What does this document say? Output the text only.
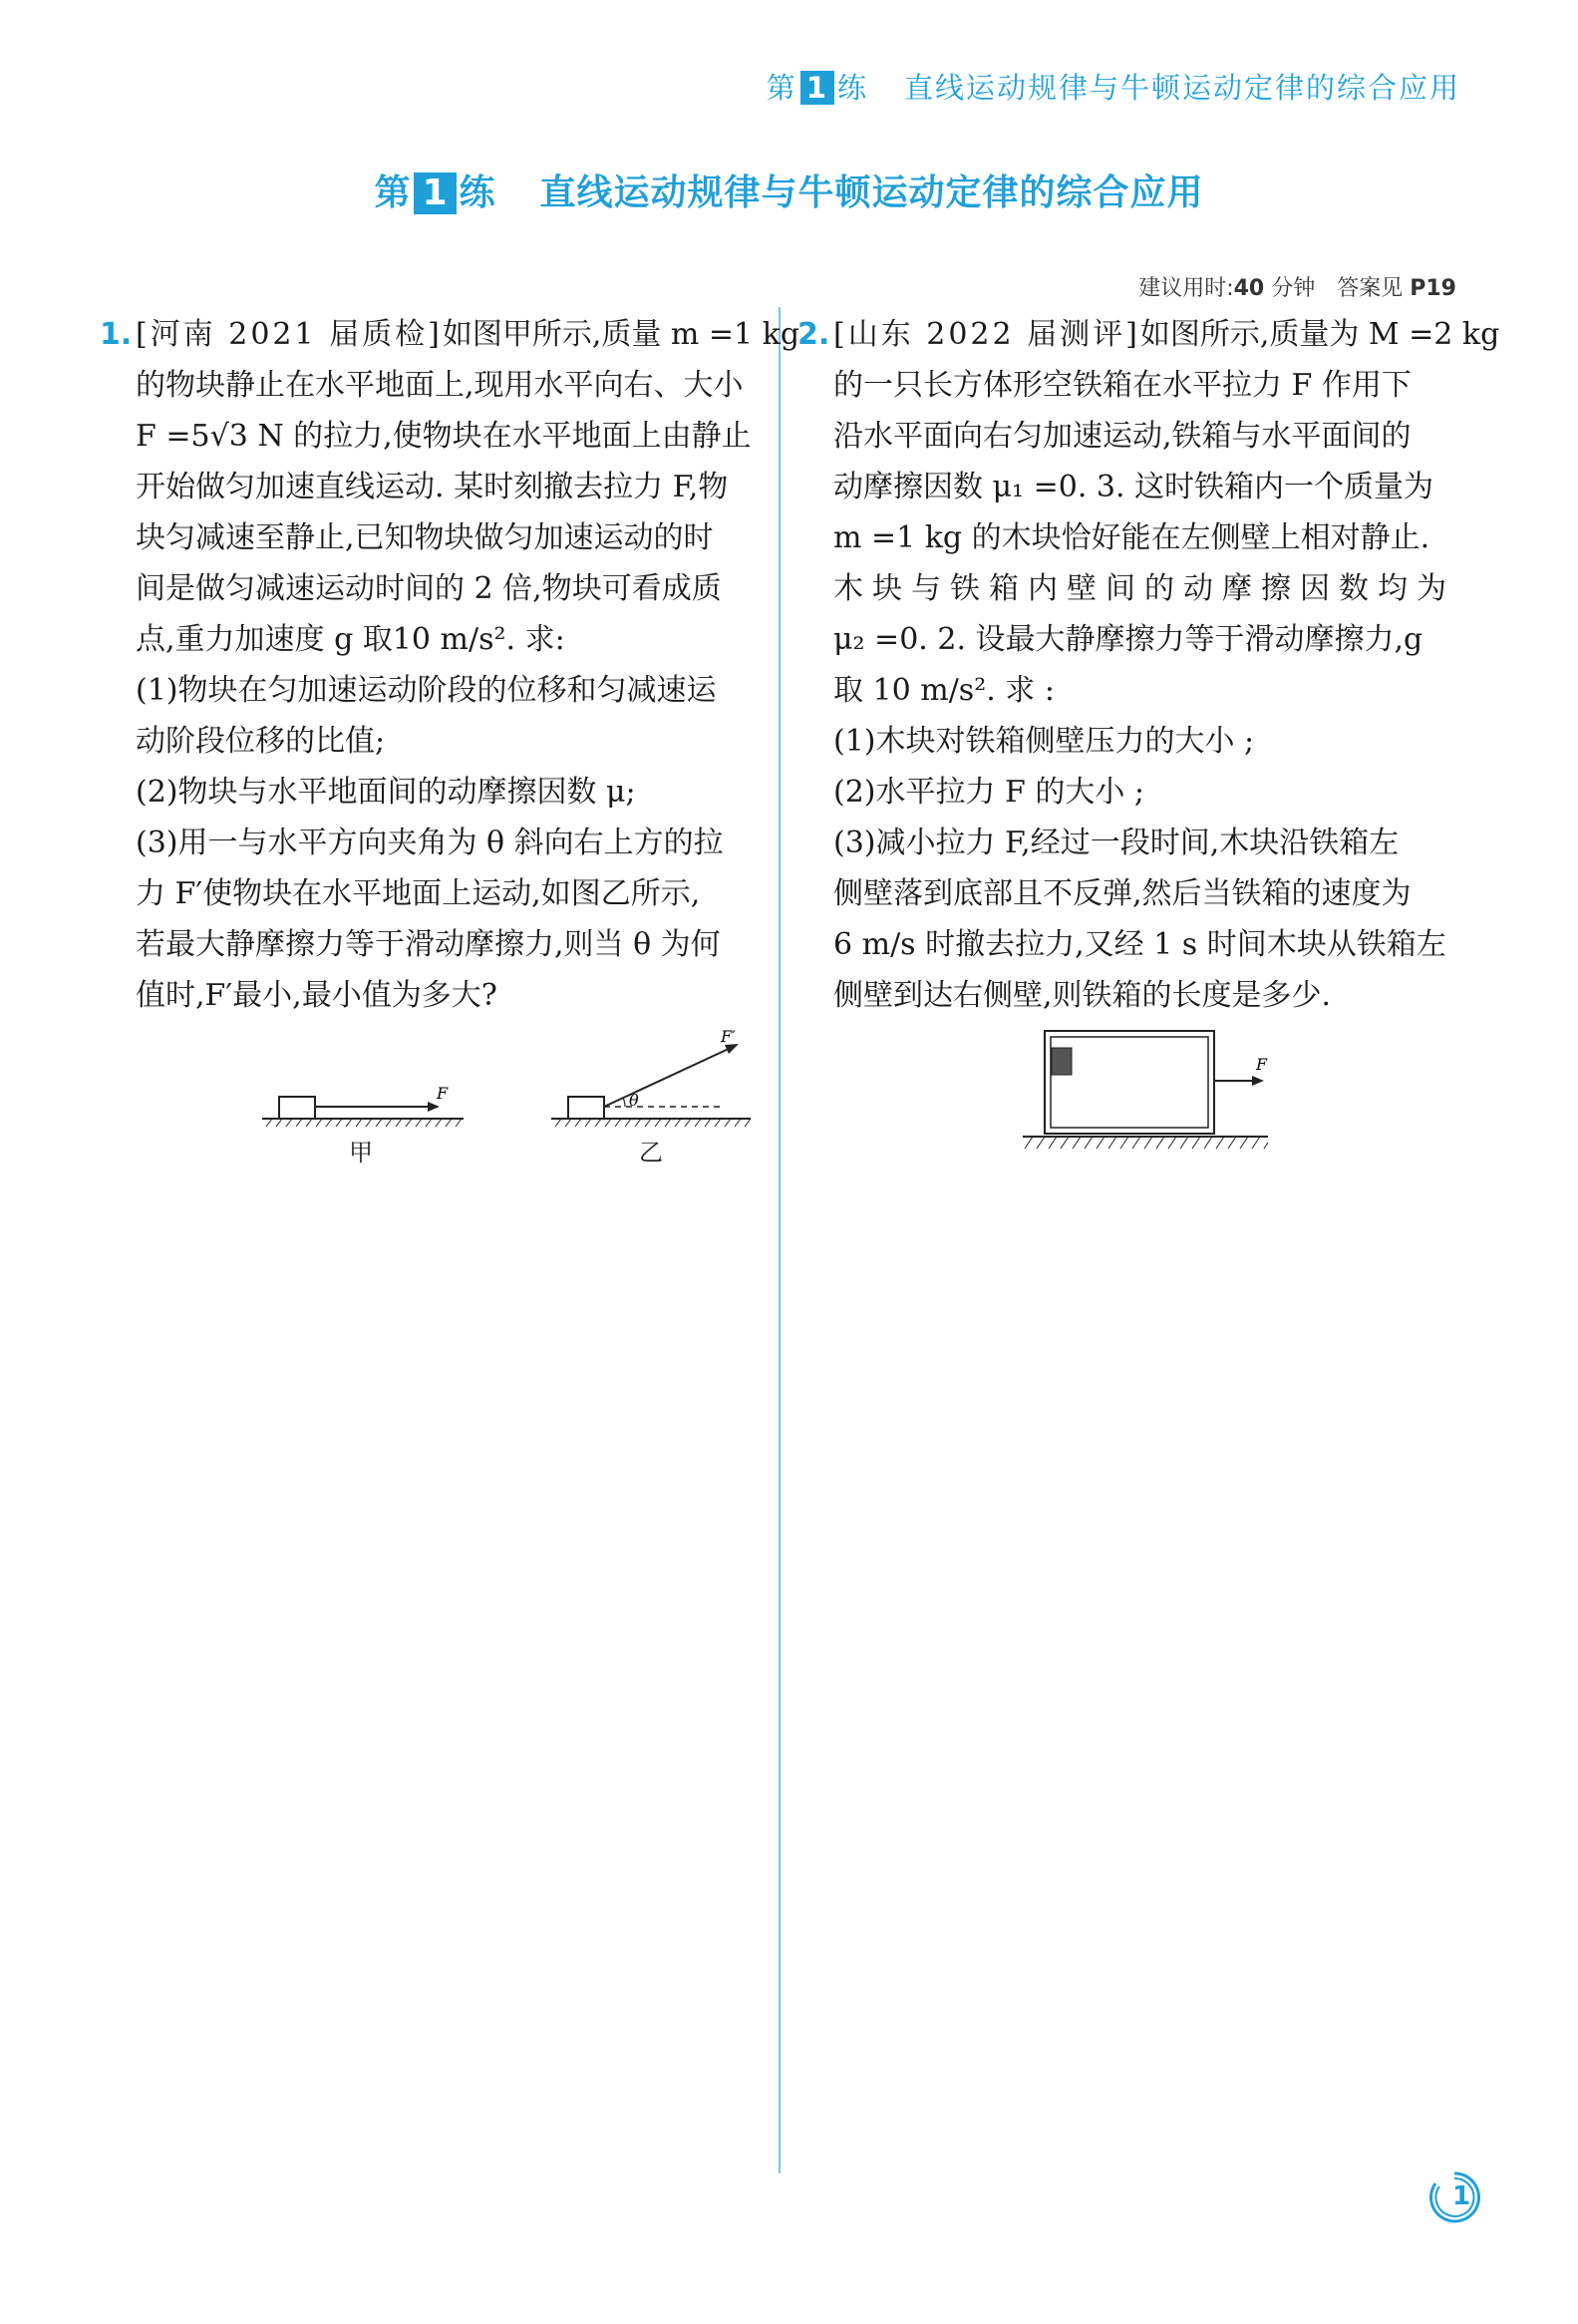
第 1 练 直线运动规律与牛顿运动定律的综合应用
第 1 练 直线运动规律与牛顿运动定律的综合应用
建议用时:40 分钟 答案见 P19
1. [河南 2021 届质检]如图甲所示,质量 m =1 kg
的物块静止在水平地面上,现用水平向右、大小
F =5√3 N 的拉力,使物块在水平地面上由静止
开始做匀加速直线运动. 某时刻撤去拉力 F,物
块匀减速至静止,已知物块做匀加速运动的时
间是做匀减速运动时间的 2 倍,物块可看成质
点,重力加速度 g 取10 m/s². 求:
(1)物块在匀加速运动阶段的位移和匀减速运
动阶段位移的比值;
(2)物块与水平地面间的动摩擦因数 μ;
(3)用一与水平方向夹角为 θ 斜向右上方的拉
力 F′使物块在水平地面上运动,如图乙所示,
若最大静摩擦力等于滑动摩擦力,则当 θ 为何
值时,F′最小,最小值为多大?
F
甲
θ
F′
乙
2. [山东 2022 届测评]如图所示,质量为 M =2 kg
的一只长方体形空铁箱在水平拉力 F 作用下
沿水平面向右匀加速运动,铁箱与水平面间的
动摩擦因数 μ₁ =0. 3. 这时铁箱内一个质量为
m =1 kg 的木块恰好能在左侧壁上相对静止.
木块与铁箱内壁间的动摩擦因数均为
μ₂ =0. 2. 设最大静摩擦力等于滑动摩擦力,g
取 10 m/s². 求 :
(1)木块对铁箱侧壁压力的大小 ;
(2)水平拉力 F 的大小 ;
(3)减小拉力 F,经过一段时间,木块沿铁箱左
侧壁落到底部且不反弹,然后当铁箱的速度为
6 m/s 时撤去拉力,又经 1 s 时间木块从铁箱左
侧壁到达右侧壁,则铁箱的长度是多少.
F
1
